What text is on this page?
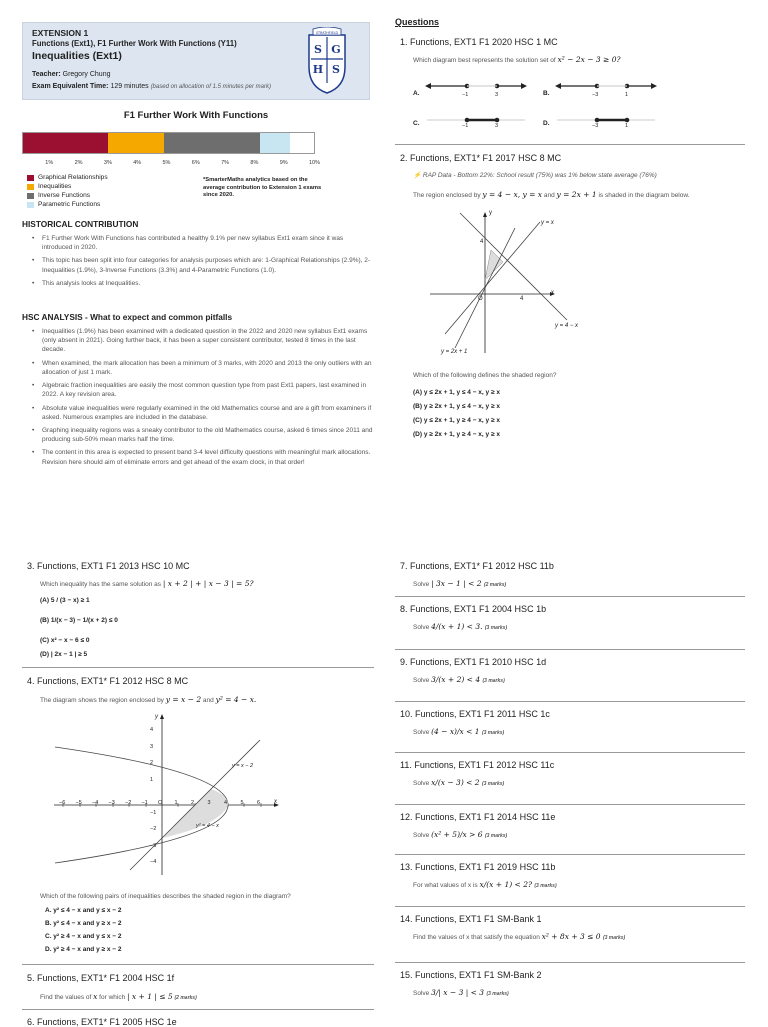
EXTENSION 1
Functions (Ext1), F1 Further Work With Functions (Y11)
Inequalities (Ext1)
Teacher: Gregory Chung
Exam Equivalent Time: 129 minutes (based on allocation of 1.5 minutes per mark)
S G
H S
STRATHFIELD
F1 Further Work With Functions
1%	2%	3%	4%	5%	6%	7%	8%	9%	10%
Graphical Relationships
Inequalities
Inverse Functions
Parametric Functions
*SmarterMaths analytics based on the average contribution to Extension 1 exams since 2020.
HISTORICAL CONTRIBUTION
• F1 Further Work With Functions has contributed a healthy 9.1% per new syllabus Ext1 exam since it was introduced in 2020.
• This topic has been split into four categories for analysis purposes which are: 1-Graphical Relationships (2.9%), 2-Inequalities (1.9%), 3-Inverse Functions (3.3%) and 4-Parametric Functions (1.0).
• This analysis looks at Inequalities.
HSC ANALYSIS - What to expect and common pitfalls
• Inequalities (1.9%) has been examined with a dedicated question in the 2022 and 2020 new syllabus Ext1 exams (only absent in 2021). Going further back, it has been a super consistent contributor, tested 8 times in the last decade.
• When examined, the mark allocation has been a minimum of 3 marks, with 2020 and 2013 the only outliers with an allocation of just 1 mark.
• Algebraic fraction inequalities are easily the most common question type from past Ext1 papers, last examined in 2022. A key revision area.
• Absolute value inequalities were regularly examined in the old Mathematics course and are a gift from examiners if asked. Numerous examples are included in the database.
• Graphing inequality regions was a sneaky contributor to the old Mathematics course, asked 6 times since 2011 and producing sub-50% mean marks half the time.
• The content in this area is expected to present band 3-4 level difficulty questions with meaningful mark allocations. Revision here should aim of eliminate errors and get ahead of the exam clock, in that order!
Questions
1. Functions, EXT1 F1 2020 HSC 1 MC
Which diagram best represents the solution set of x² − 2x − 3 ≥ 0?
A.	B.
C.	D.
−1	3	−3	1
−1	3	−3	1
2. Functions, EXT1* F1 2017 HSC 8 MC
⚡ RAP Data - Bottom 22%: School result (75%) was 1% below state average (76%)
The region enclosed by y = 4 − x, y = x and y = 2x + 1 is shaded in the diagram below.
y
x
y = x
y = 4 − x
y = 2x + 1
4
4
O
Which of the following defines the shaded region?
(A) y ≤ 2x + 1, y ≤ 4 − x, y ≥ x
(B) y ≥ 2x + 1, y ≤ 4 − x, y ≥ x
(C) y ≤ 2x + 1, y ≥ 4 − x, y ≥ x
(D) y ≥ 2x + 1, y ≥ 4 − x, y ≥ x
3. Functions, EXT1 F1 2013 HSC 10 MC
Which inequality has the same solution as | x + 2 | + | x − 3 | = 5?
(A) 5 / (3 − x) ≥ 1
(B) 1/(x − 3) − 1/(x + 2) ≤ 0
(C) x² − x − 6 ≤ 0
(D) | 2x − 1 | ≥ 5
4. Functions, EXT1* F1 2012 HSC 8 MC
The diagram shows the region enclosed by y = x − 2 and y² = 4 − x.
y
x
y = x − 2
y² = 4 − x
−6 −5 −4 −3 −2 −1 O 1 2 3 4 5 6
4
3
2
1
−1
−2
−3
−4
Which of the following pairs of inequalities describes the shaded region in the diagram?
A. y² ≤ 4 − x and y ≤ x − 2
B. y² ≤ 4 − x and y ≥ x − 2
C. y² ≥ 4 − x and y ≤ x − 2
D. y² ≥ 4 − x and y ≥ x − 2
5. Functions, EXT1* F1 2004 HSC 1f
Find the values of x for which | x + 1 | ≤ 5 (2 marks)
6. Functions, EXT1* F1 2005 HSC 1e
7. Functions, EXT1* F1 2012 HSC 11b
Solve | 3x − 1 | < 2 (2 marks)
8. Functions, EXT1 F1 2004 HSC 1b
Solve 4/(x + 1) < 3. (3 marks)
9. Functions, EXT1 F1 2010 HSC 1d
Solve 3/(x + 2) < 4 (3 marks)
10. Functions, EXT1 F1 2011 HSC 1c
Solve (4 − x)/x < 1 (3 marks)
11. Functions, EXT1 F1 2012 HSC 11c
Solve x/(x − 3) < 2 (3 marks)
12. Functions, EXT1 F1 2014 HSC 11e
Solve (x² + 5)/x > 6 (3 marks)
13. Functions, EXT1 F1 2019 HSC 11b
For what values of x is x/(x + 1) < 2? (3 marks)
14. Functions, EXT1 F1 SM-Bank 1
Find the values of x that satisfy the equation x² + 8x + 3 ≤ 0 (3 marks)
15. Functions, EXT1 F1 SM-Bank 2
Solve 3/| x − 3 | < 3 (3 marks)
